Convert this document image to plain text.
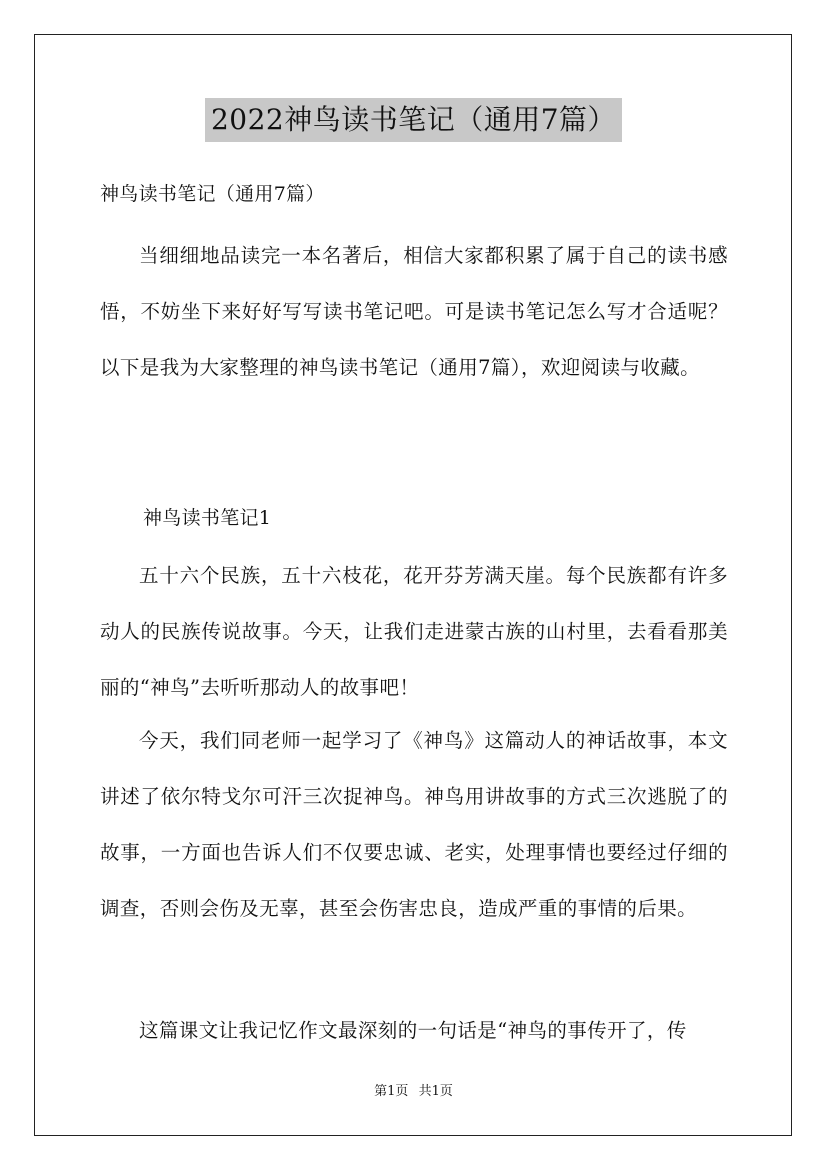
2022神鸟读书笔记（通用7篇）
神鸟读书笔记（通用7篇）
当细细地品读完一本名著后，相信大家都积累了属于自己的读书感悟，不妨坐下来好好写写读书笔记吧。可是读书笔记怎么写才合适呢？以下是我为大家整理的神鸟读书笔记（通用7篇），欢迎阅读与收藏。
神鸟读书笔记1
五十六个民族，五十六枝花，花开芬芳满天崖。每个民族都有许多动人的民族传说故事。今天，让我们走进蒙古族的山村里，去看看那美丽的“神鸟”去听听那动人的故事吧！
今天，我们同老师一起学习了《神鸟》这篇动人的神话故事，本文讲述了依尔特戈尔可汗三次捉神鸟。神鸟用讲故事的方式三次逃脱了的故事，一方面也告诉人们不仅要忠诚、老实，处理事情也要经过仔细的调查，否则会伤及无辜，甚至会伤害忠良，造成严重的事情的后果。
这篇课文让我记忆作文最深刻的一句话是“神鸟的事传开了，传
第1页 共1页
